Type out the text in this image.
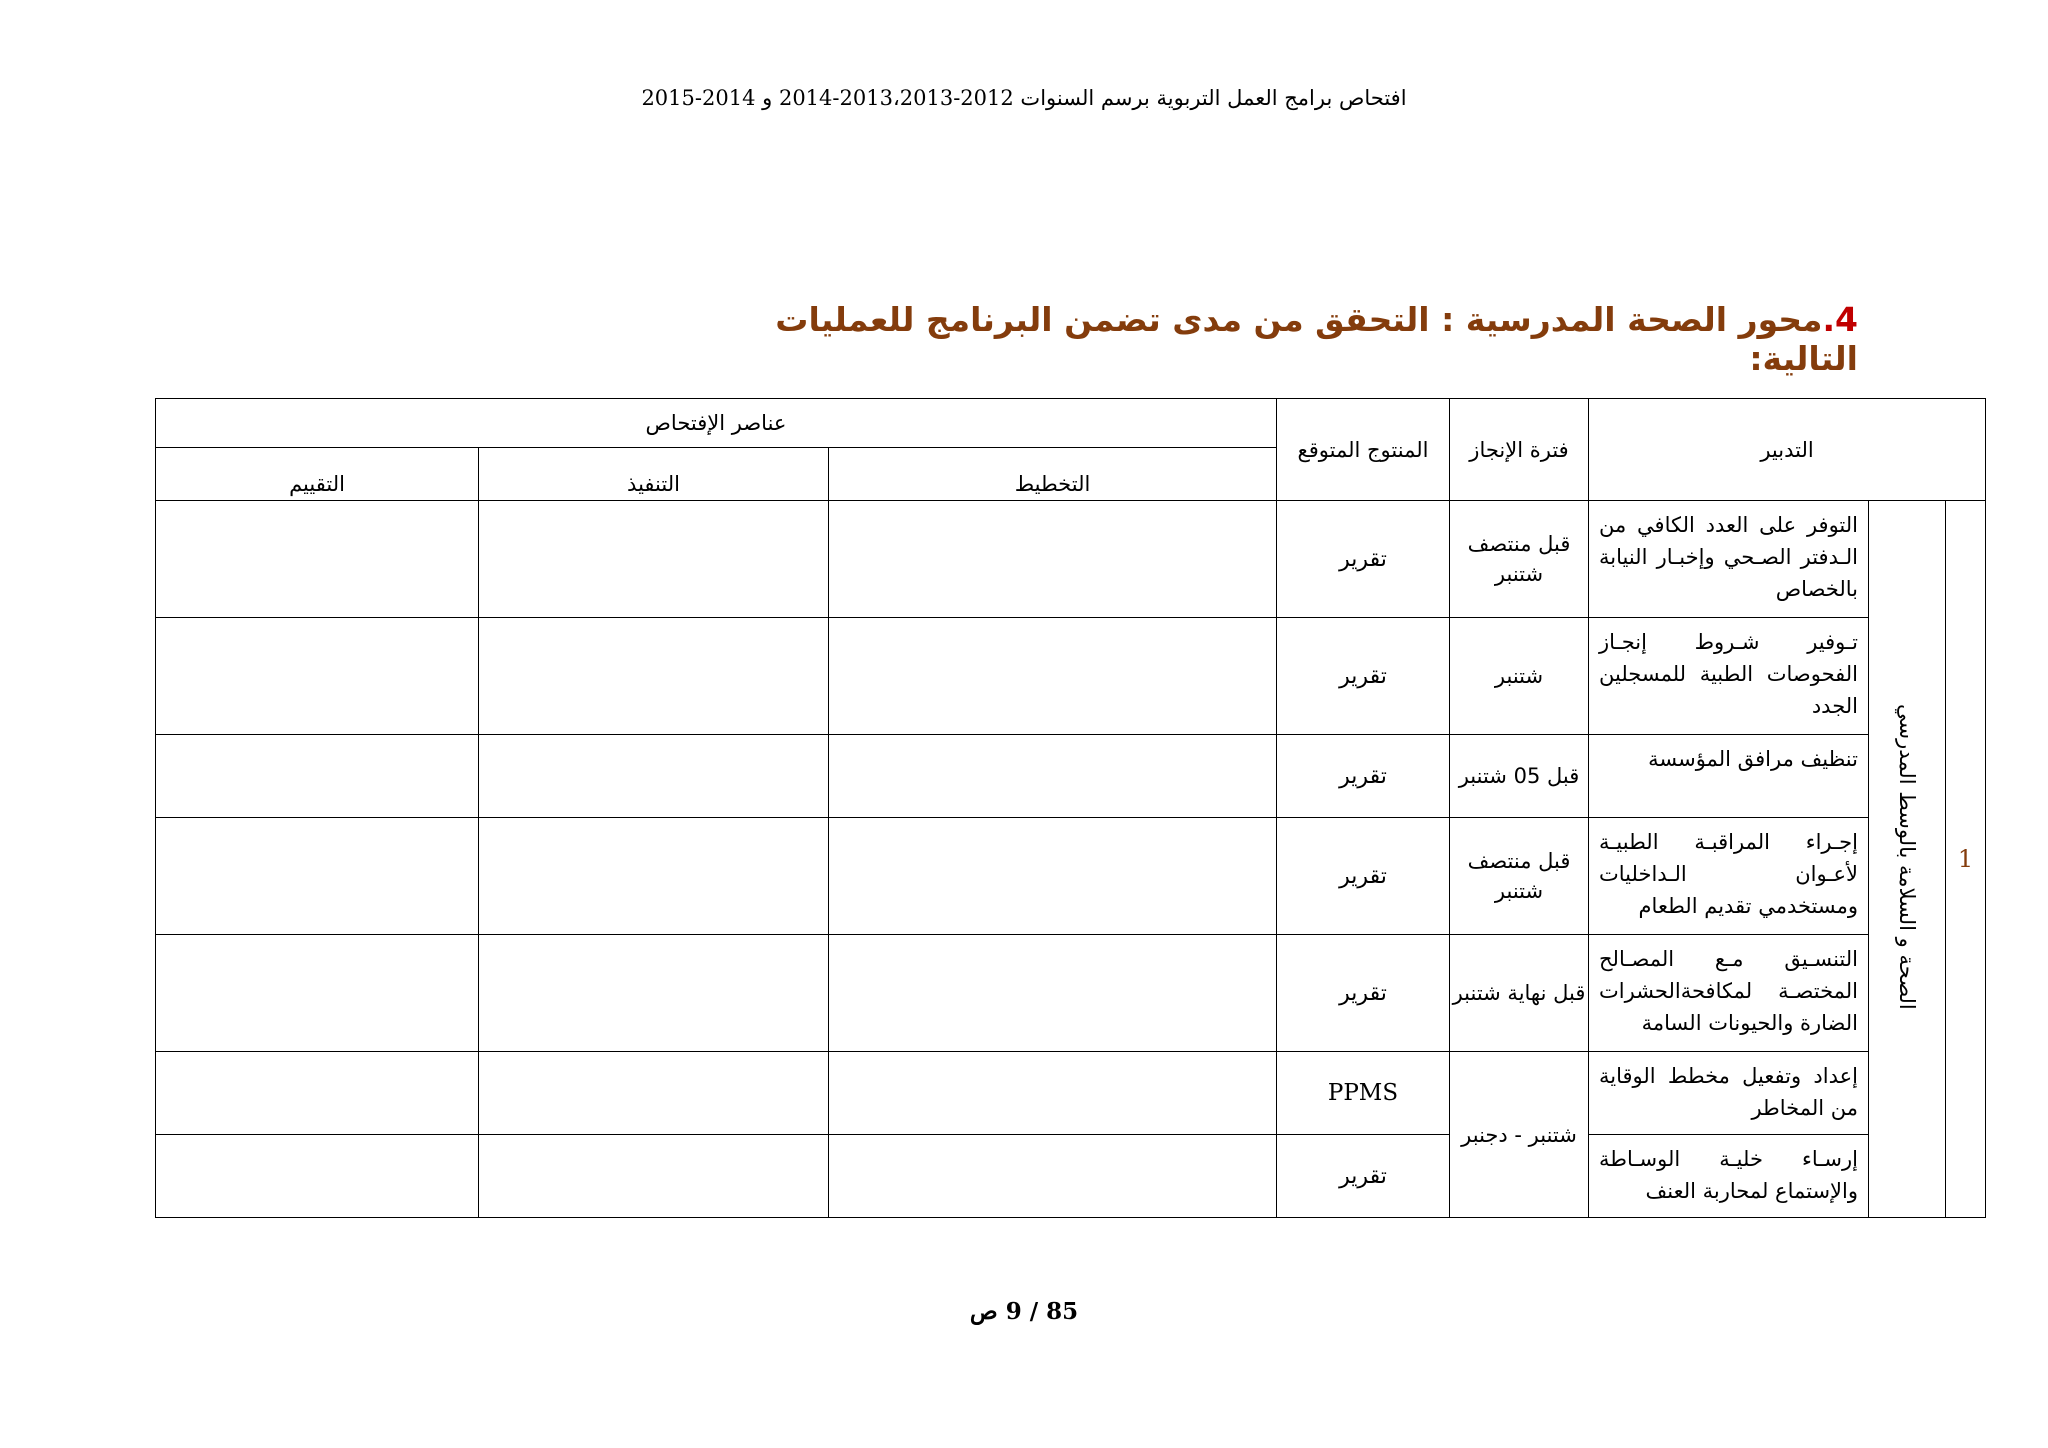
افتحاص برامج العمل التربوية برسم السنوات 2012-2013،2013-2014 و 2014-2015
4.محور الصحة المدرسية : التحقق من مدى تضمن البرنامج للعمليات التالية:
التدبير			فترة الإنجاز	المنتوج المتوقع	عناصر الإفتحاص		
					التخطيط	التنفيذ	التقييم
1	الصحة و السلامة بالوسط المدرسي	التوفر على العدد الكافي من الـدفتر الصـحي وإخبـار النيابة بالخصاص	قبل منتصف شتنبر	تقرير			
		تـوفير شـروط إنجـاز الفحوصات الطبية للمسجلين الجدد	شتنبر	تقرير			
		تنظيف مرافق المؤسسة	قبل 05 شتنبر	تقرير			
		إجـراء المراقبـة الطبيـة لأعـوان الـداخليات ومستخدمي تقديم الطعام	قبل منتصف شتنبر	تقرير			
		التنسـيق مـع المصـالح المختصـة لمكافحةالحشرات الضارة والحيونات السامة	قبل نهاية شتنبر	تقرير			
		إعداد وتفعيل مخطط الوقاية من المخاطر	شتنبر - دجنبر	PPMS			
		إرسـاء خليـة الوسـاطة والإستماع لمحاربة العنف		تقرير			
85 / 9 ص
